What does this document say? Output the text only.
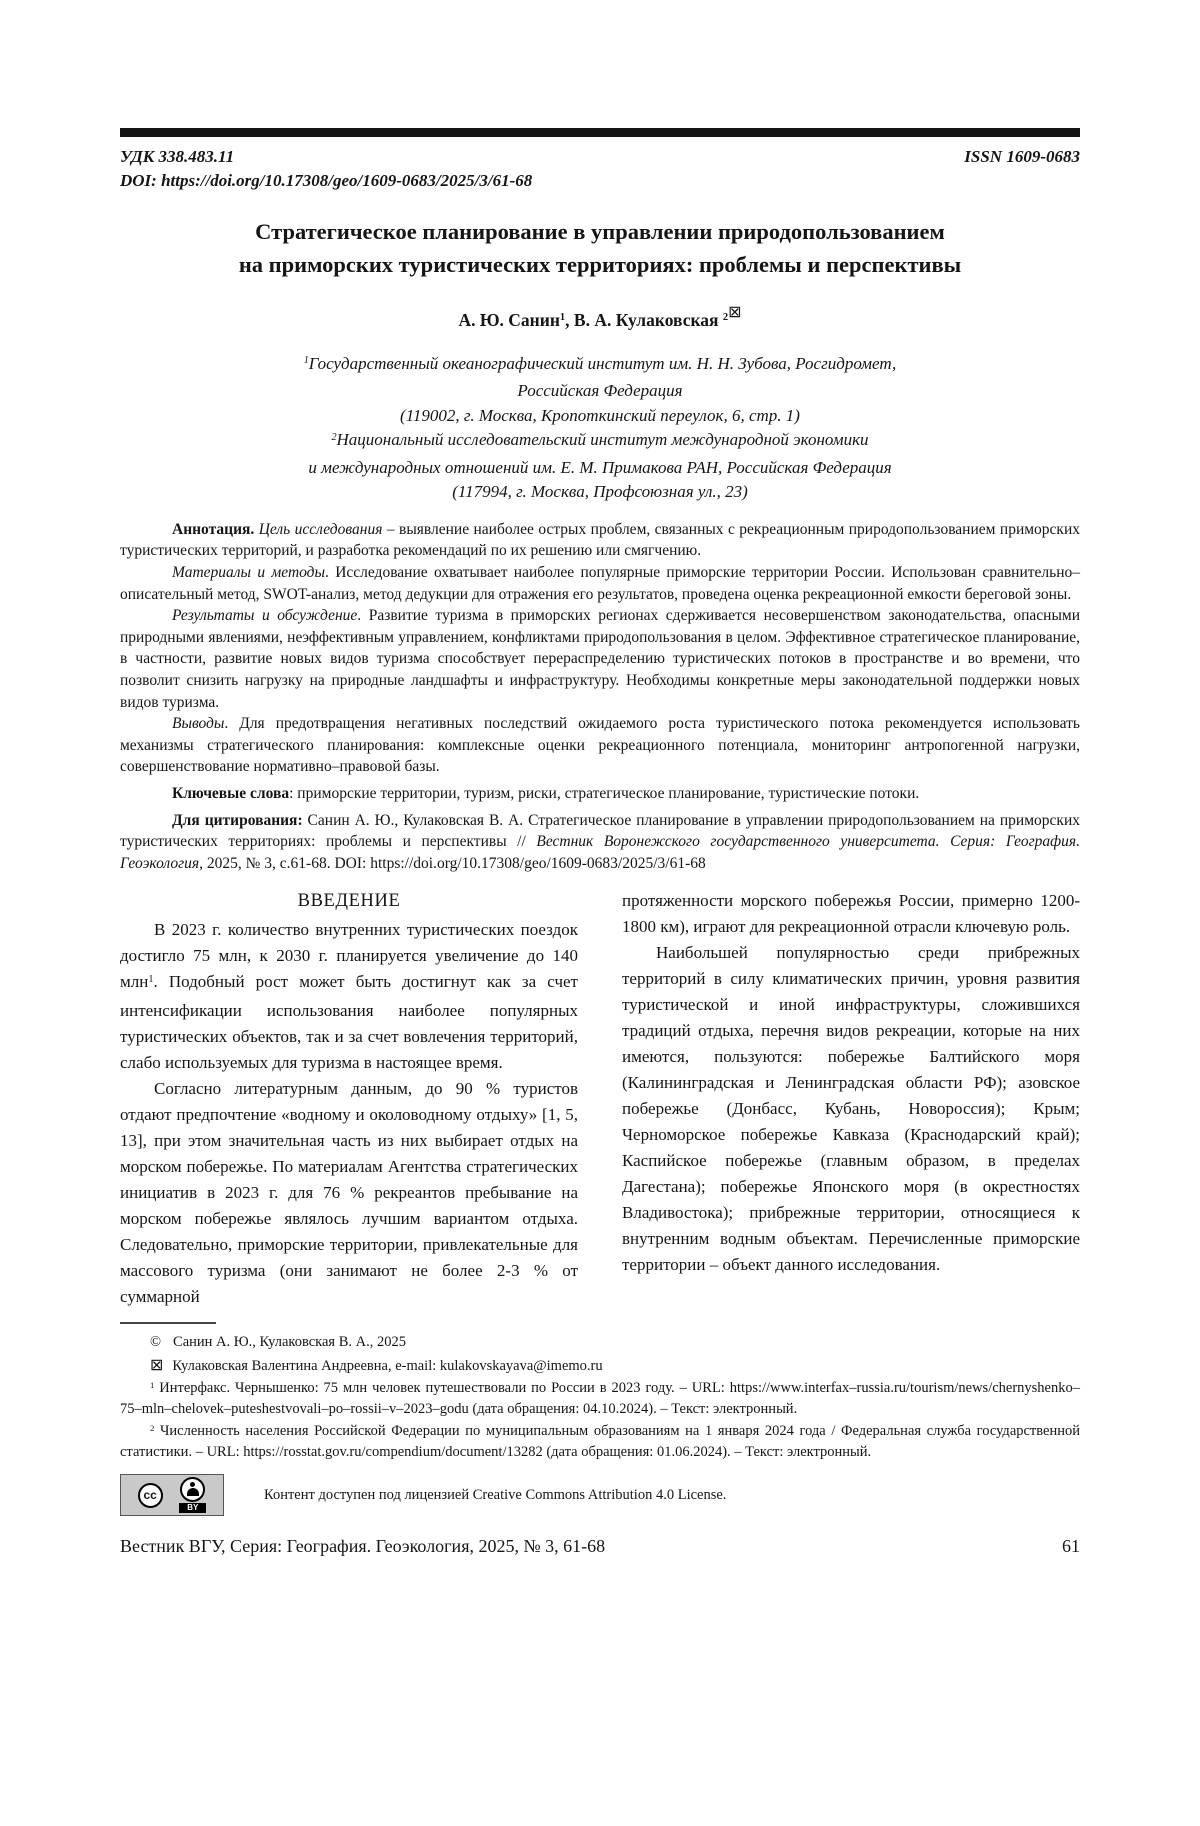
УДК 338.483.11	ISSN 1609-0683
DOI: https://doi.org/10.17308/geo/1609-0683/2025/3/61-68
Стратегическое планирование в управлении природопользованием
на приморских туристических территориях: проблемы и перспективы
А. Ю. Санин$^1$, В. А. Кулаковская $^2$⊠
$^1$Государственный океанографический институт им. Н. Н. Зубова, Росгидромет,
Российская Федерация
(119002, г. Москва, Кропоткинский переулок, 6, стр. 1)
$^2$Национальный исследовательский институт международной экономики
и международных отношений им. Е. М. Примакова РАН, Российская Федерация
(117994, г. Москва, Профсоюзная ул., 23)

Аннотация. Цель исследования – выявление наиболее острых проблем, связанных с рекреационным природопользованием приморских туристических территорий, и разработка рекомендаций по их решению или смягчению.

Материалы и методы. Исследование охватывает наиболее популярные приморские территории России. Использован сравнительно–описательный метод, SWOT-анализ, метод дедукции для отражения его результатов, проведена оценка рекреационной емкости береговой зоны.

Результаты и обсуждение. Развитие туризма в приморских регионах сдерживается несовершенством законодательства, опасными природными явлениями, неэффективным управлением, конфликтами природопользования в целом. Эффективное стратегическое планирование, в частности, развитие новых видов туризма способствует перераспределению туристических потоков в пространстве и во времени, что позволит снизить нагрузку на природные ландшафты и инфраструктуру. Необходимы конкретные меры законодательной поддержки новых видов туризма.

Выводы. Для предотвращения негативных последствий ожидаемого роста туристического потока рекомендуется использовать механизмы стратегического планирования: комплексные оценки рекреационного потенциала, мониторинг антропогенной нагрузки, совершенствование нормативно–правовой базы.

Ключевые слова: приморские территории, туризм, риски, стратегическое планирование, туристические потоки.

Для цитирования: Санин А. Ю., Кулаковская В. А. Стратегическое планирование в управлении природопользованием на приморских туристических территориях: проблемы и перспективы // Вестник Воронежского государственного университета. Серия: География. Геоэкология, 2025, № 3, с.61-68. DOI: https://doi.org/10.17308/geo/1609-0683/2025/3/61-68

ВВЕДЕНИЕ

В 2023 г. количество внутренних туристических поездок достигло 75 млн, к 2030 г. планируется увеличение до 140 млн$^1$. Подобный рост может быть достигнут как за счет интенсификации использования наиболее популярных туристических объектов, так и за счет вовлечения территорий, слабо используемых для туризма в настоящее время.

Согласно литературным данным, до 90 % туристов отдают предпочтение «водному и околоводному отдыху» [1, 5, 13], при этом значительная часть из них выбирает отдых на морском побережье. По материалам Агентства стратегических инициатив в 2023 г. для 76 % рекреантов пребывание на морском побережье являлось лучшим вариантом отдыха. Следовательно, приморские территории, привлекательные для массового туризма (они занимают не более 2-3 % от суммарной

протяженности морского побережья России, примерно 1200-1800 км), играют для рекреационной отрасли ключевую роль.

Наибольшей популярностью среди прибрежных территорий в силу климатических причин, уровня развития туристической и иной инфраструктуры, сложившихся традиций отдыха, перечня видов рекреации, которые на них имеются, пользуются: побережье Балтийского моря (Калининградская и Ленинградская области РФ); азовское побережье (Донбасс, Кубань, Новороссия); Крым; Черноморское побережье Кавказа (Краснодарский край); Каспийское побережье (главным образом, в пределах Дагестана); побережье Японского моря (в окрестностях Владивостока); прибрежные территории, относящиеся к внутренним водным объектам. Перечисленные приморские территории – объект данного исследования.

© Санин А. Ю., Кулаковская В. А., 2025

⊠ Кулаковская Валентина Андреевна, e-mail: kulakovskayava@imemo.ru

$^1$ Интерфакс. Чернышенко: 75 млн человек путешествовали по России в 2023 году. – URL: https://www.interfax–russia.ru/tourism/news/chernyshenko–75–mln–chelovek–puteshestvovali–po–rossii–v–2023–godu (дата обращения: 04.10.2024). – Текст: электронный.

$^2$ Численность населения Российской Федерации по муниципальным образованиям на 1 января 2024 года / Федеральная служба государственной статистики. – URL: https://rosstat.gov.ru/compendium/document/13282 (дата обращения: 01.06.2024). – Текст: электронный.

cc
BY
Контент доступен под лицензией Creative Commons Attribution 4.0 License.
Вестник ВГУ, Серия: География. Геоэкология, 2025, № 3, 61-68	61
